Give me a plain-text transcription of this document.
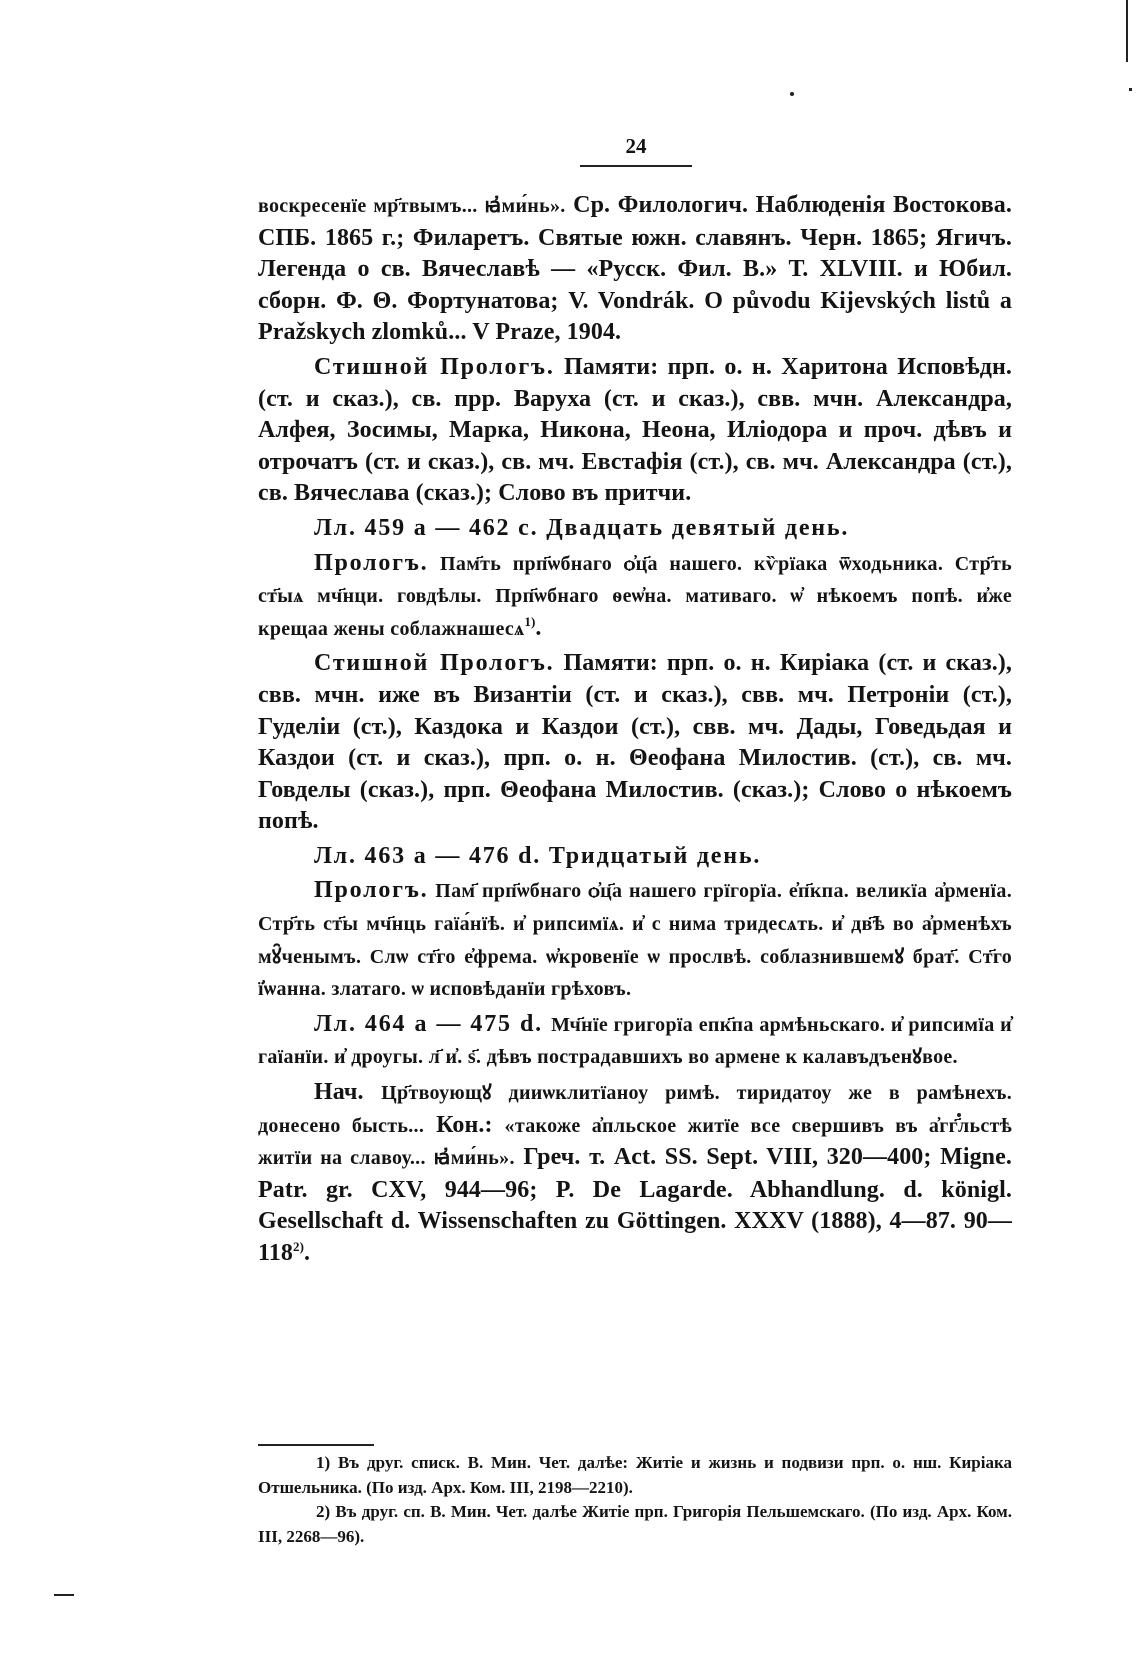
24

воскресенїе мр҃твымъ... ꙗ҆ми́нь». Ср. Филологич. Наблюденія Востокова. СПБ. 1865 г.; Филаретъ. Святые южн. славянъ. Черн. 1865; Ягичъ. Легенда о св. Вячеславѣ — «Русск. Фил. В.» Т. XLVIII. и Юбил. сборн. Ф. Θ. Фортунатова; V. Vondrák. O původu Kijevských listů a Pražskych zlomků... V Praze, 1904.

Стишной Прологъ. Памяти: прп. о. н. Харитона Исповѣдн. (ст. и сказ.), св. прр. Варуха (ст. и сказ.), свв. мчн. Александра, Алфея, Зосимы, Марка, Никона, Неона, Иліодора и проч. дѣвъ и отрочатъ (ст. и сказ.), св. мч. Евстафія (ст.), св. мч. Александра (ст.), св. Вячеслава (сказ.); Слово въ притчи.

Лл. 459 а — 462 с. Двадцать девятый день.

Прологъ. Пам҃ть прп҃ѡбнаго ѻ҆ц҃а нашего. кѷрїака ѿходьника. Стр҃ть ст҃ыѧ мч҃нци. говдѣлы. Прп҃ѡбнаго ѳеѡ҆на. мативаго. ѡ҆ нѣкоемъ попѣ. и҆же крещаа жены соблажнашесѧ$^{1)}$.

Стишной Прологъ. Памяти: прп. о. н. Киріака (ст. и сказ.), свв. мчн. иже въ Византіи (ст. и сказ.), свв. мч. Петроніи (ст.), Гуделіи (ст.), Каздока и Каздои (ст.), свв. мч. Дады, Говедьдая и Каздои (ст. и сказ.), прп. о. н. Θеофана Милостив. (ст.), св. мч. Говделы (сказ.), прп. Θеофана Милостив. (сказ.); Слово о нѣкоемъ попѣ.

Лл. 463 а — 476 d. Тридцатый день.

Прологъ. Пам҃ прп҃ѡбнаго ѻ҆ц҃а нашего грїгорїа. е҆п҃кпа. великїа а҆рменїа. Стр҃ть ст҃ы мч҃нць гаїа́нїѣ. и҆ рипсимїѧ. и҆ с нима тридесѧть. и҆ дв҃ѣ во а҆рменѣхъ мꙋ̑ченымъ. Слѡ ст҃го е҆фрема. ѡ҆кровенїе ѡ прослвѣ. соблазнившемꙋ брат҃. Ст҃го ї҆ѡанна. златаго. ѡ исповѣданїи грѣховъ.

Лл. 464 а — 475 d. Мч҃нїе григорїа епк҃па армѣньскаго. и҆ рипсимїа и҆ гаїанїи. и҆ дроугы. л҃ и҆. ѕ҃. дѣвъ пострадавшихъ во армене к калавъдъенꙋвое.

Нач. Цр҃твоующꙋ дииѡклитїаноу римѣ. тиридатоу же в рамѣнехъ. донесено бысть... Кон.: «такоже а҆пльское житїе все свершивъ въ а҆гг҃льстѣ житїи на славоу... ꙗ҆ми́нь». Греч. т. Act. SS. Sept. VIII, 320—400; Migne. Patr. gr. CXV, 944—96; P. De Lagarde. Abhandlung. d. königl. Gesellschaft d. Wissenschaften zu Göttingen. XXXV (1888), 4—87. 90—118$^{2)}$.

1) Въ друг. списк. В. Мин. Чет. далѣе: Житіе и жизнь и подвизи прп. о. нш. Киріака Отшельника. (По изд. Арх. Ком. III, 2198—2210).

2) Въ друг. сп. В. Мин. Чет. далѣе Житіе прп. Григорія Пельшемскаго. (По изд. Арх. Ком. III, 2268—96).
